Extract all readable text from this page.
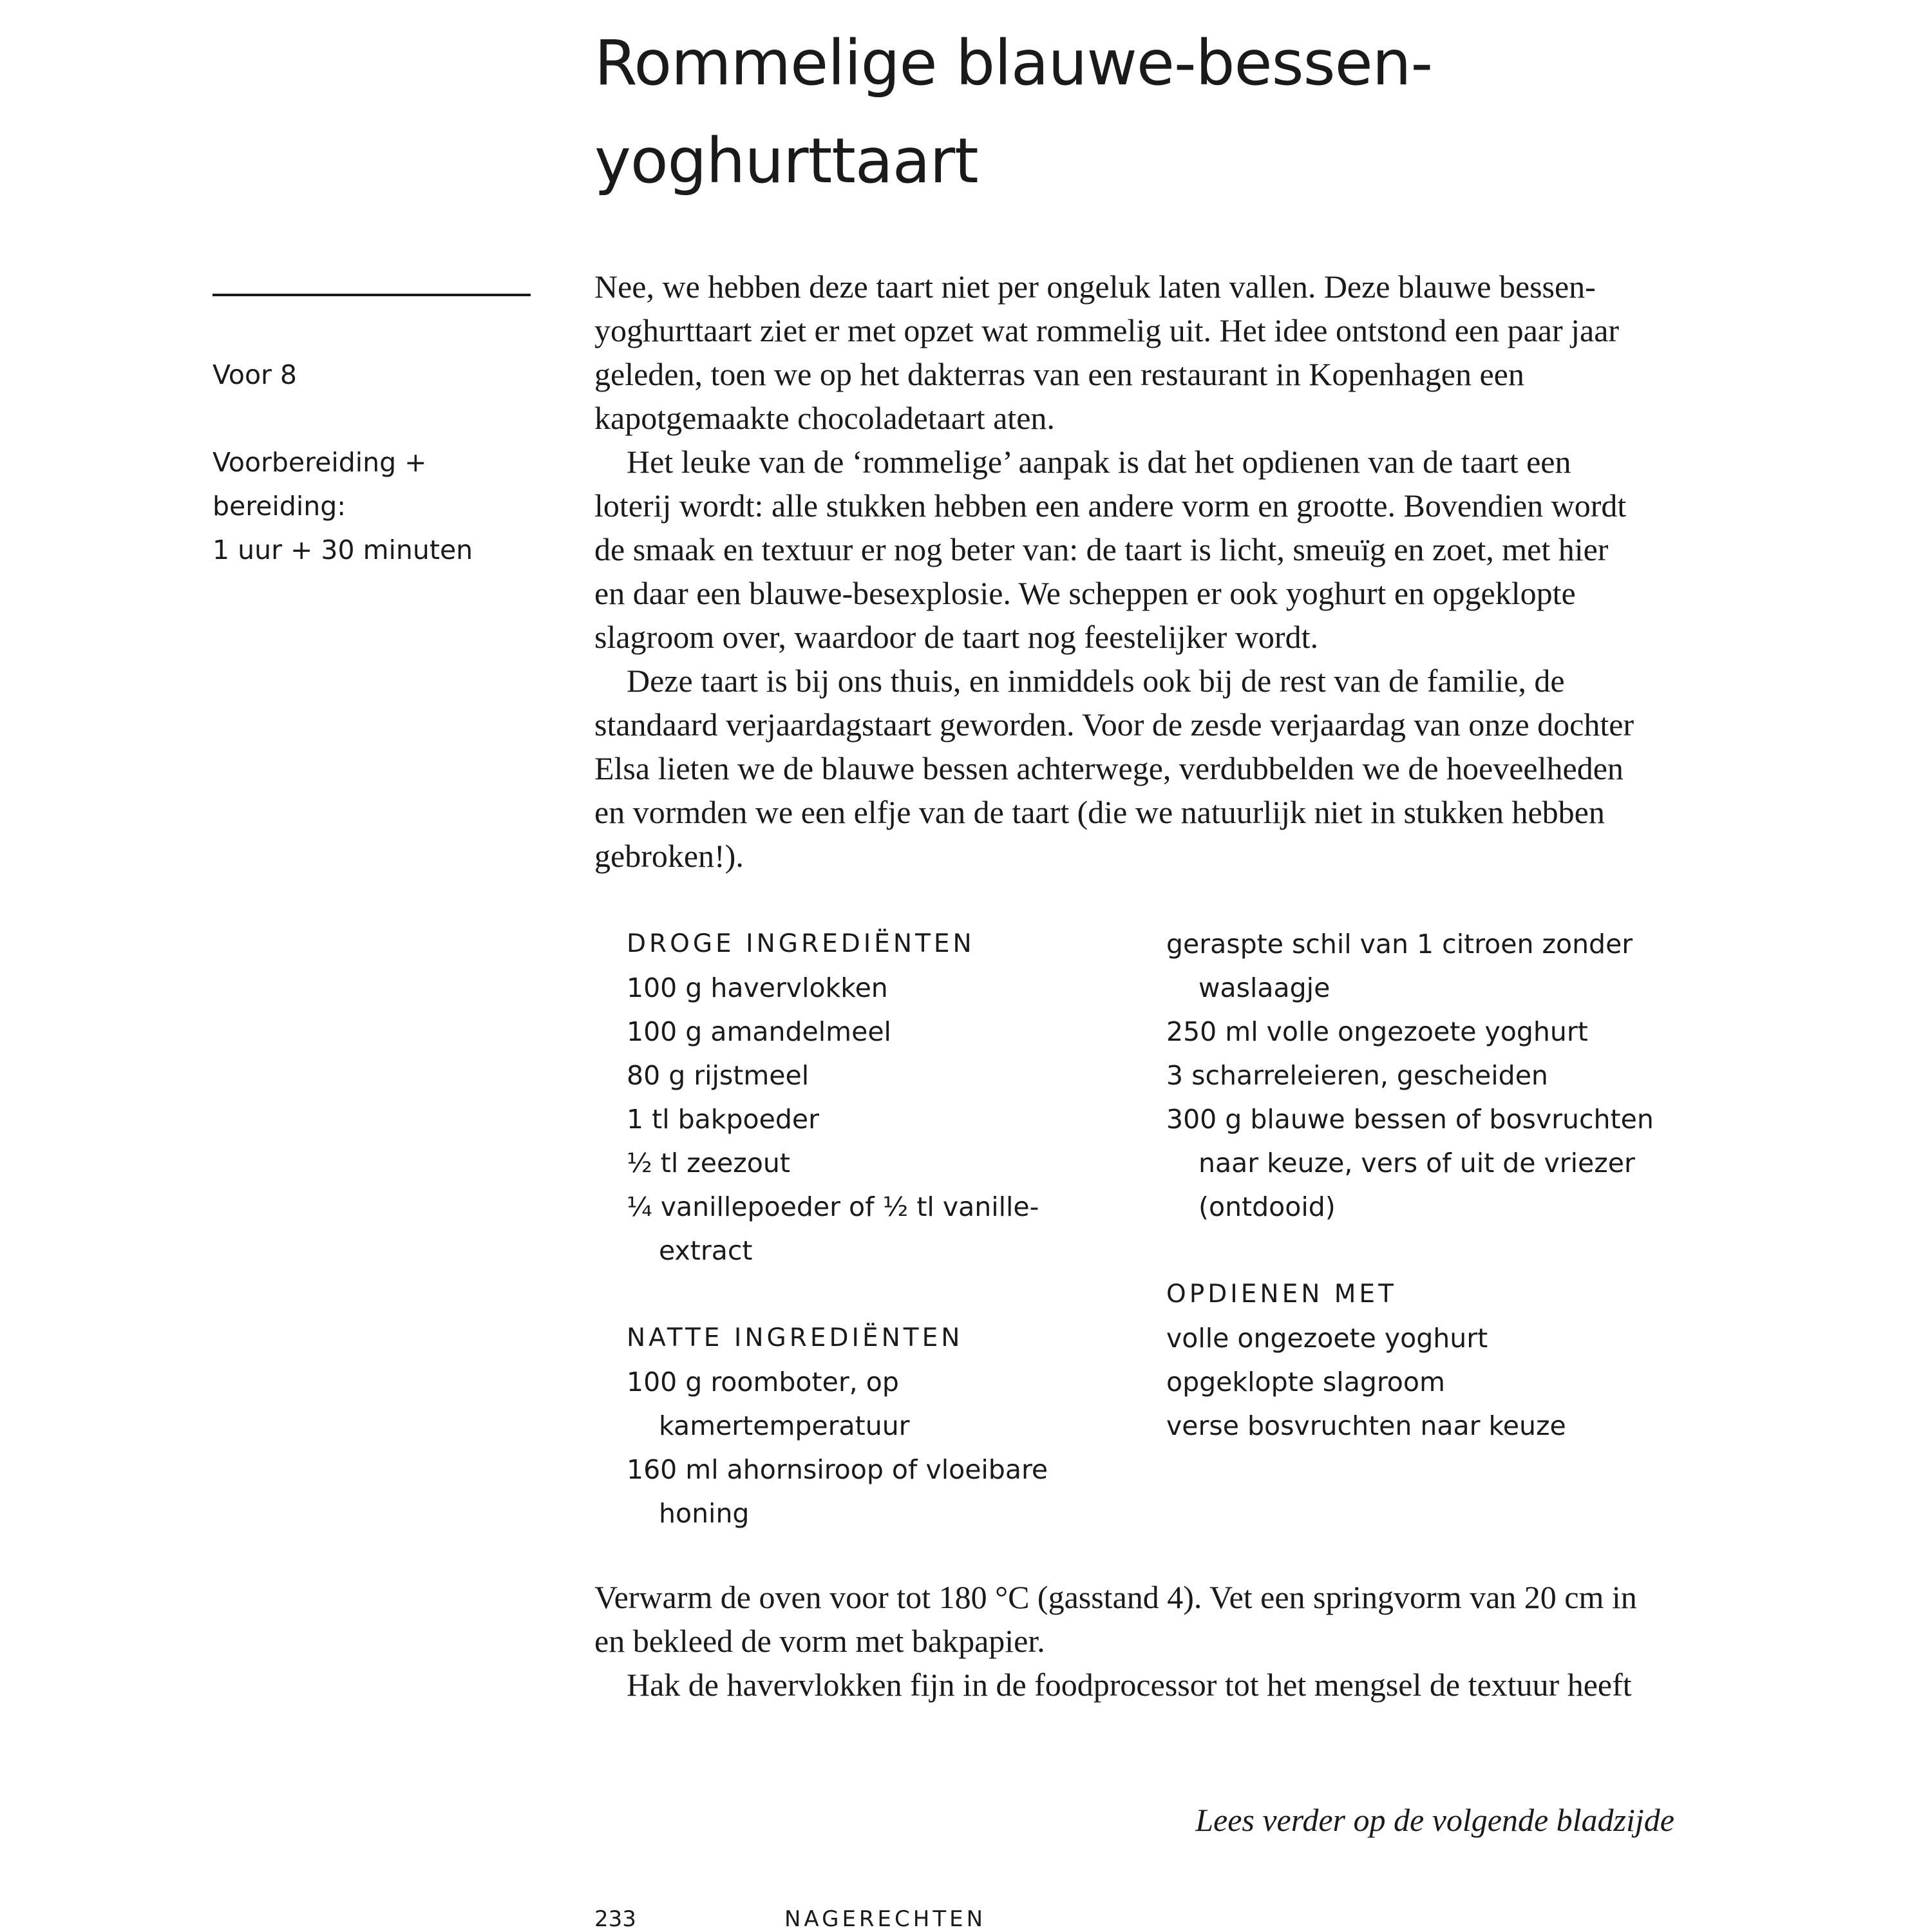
Rommelige blauwe-bessen-
yoghurttaart
Voor 8
Voorbereiding +
bereiding:
1 uur + 30 minuten
Nee, we hebben deze taart niet per ongeluk laten vallen. Deze blauwe bessen-
yoghurttaart ziet er met opzet wat rommelig uit. Het idee ontstond een paar jaar
geleden, toen we op het dakterras van een restaurant in Kopenhagen een
kapotgemaakte chocoladetaart aten.
Het leuke van de ‘rommelige’ aanpak is dat het opdienen van de taart een
loterij wordt: alle stukken hebben een andere vorm en grootte. Bovendien wordt
de smaak en textuur er nog beter van: de taart is licht, smeuïg en zoet, met hier
en daar een blauwe-besexplosie. We scheppen er ook yoghurt en opgeklopte
slagroom over, waardoor de taart nog feestelijker wordt.
Deze taart is bij ons thuis, en inmiddels ook bij de rest van de familie, de
standaard verjaardagstaart geworden. Voor de zesde verjaardag van onze dochter
Elsa lieten we de blauwe bessen achterwege, verdubbelden we de hoeveelheden
en vormden we een elfje van de taart (die we natuurlijk niet in stukken hebben
gebroken!).
DROGE INGREDIËNTEN
100 g havervlokken
100 g amandelmeel
80 g rijstmeel
1 tl bakpoeder
½ tl zeezout
¼ vanillepoeder of ½ tl vanille-
extract
NATTE INGREDIËNTEN
100 g roomboter, op
kamertemperatuur
160 ml ahornsiroop of vloeibare
honing
geraspte schil van 1 citroen zonder
waslaagje
250 ml volle ongezoete yoghurt
3 scharreleieren, gescheiden
300 g blauwe bessen of bosvruchten
naar keuze, vers of uit de vriezer
(ontdooid)
OPDIENEN MET
volle ongezoete yoghurt
opgeklopte slagroom
verse bosvruchten naar keuze
Verwarm de oven voor tot 180 °C (gasstand 4). Vet een springvorm van 20 cm in
en bekleed de vorm met bakpapier.
Hak de havervlokken fijn in de foodprocessor tot het mengsel de textuur heeft
Lees verder op de volgende bladzijde
233	NAGERECHTEN
